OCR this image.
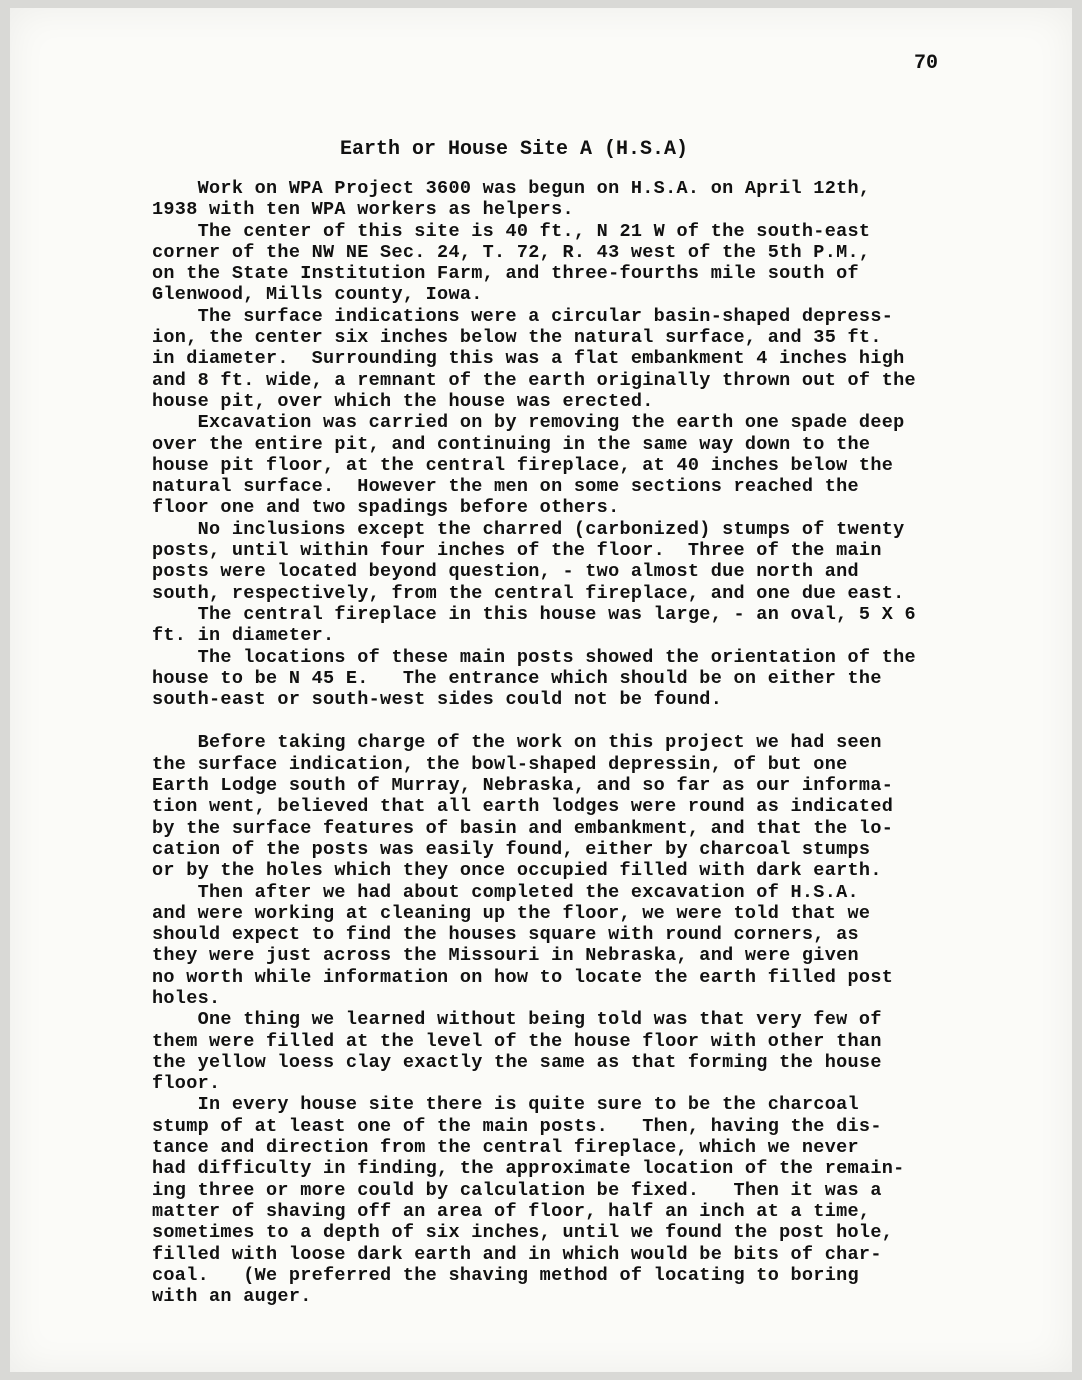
70
Earth or House Site A (H.S.A)

Work on WPA Project 3600 was begun on H.S.A. on April 12th,
1938 with ten WPA workers as helpers.

The center of this site is 40 ft., N 21 W of the south-east
corner of the NW NE Sec. 24, T. 72, R. 43 west of the 5th P.M.,
on the State Institution Farm, and three-fourths mile south of
Glenwood, Mills county, Iowa.

The surface indications were a circular basin-shaped depress-
ion, the center six inches below the natural surface, and 35 ft.
in diameter.  Surrounding this was a flat embankment 4 inches high
and 8 ft. wide, a remnant of the earth originally thrown out of the
house pit, over which the house was erected.

Excavation was carried on by removing the earth one spade deep
over the entire pit, and continuing in the same way down to the
house pit floor, at the central fireplace, at 40 inches below the
natural surface.  However the men on some sections reached the
floor one and two spadings before others.

No inclusions except the charred (carbonized) stumps of twenty
posts, until within four inches of the floor.  Three of the main
posts were located beyond question, - two almost due north and
south, respectively, from the central fireplace, and one due east.

The central fireplace in this house was large, - an oval, 5 X 6
ft. in diameter.

The locations of these main posts showed the orientation of the
house to be N 45 E.   The entrance which should be on either the
south-east or south-west sides could not be found.

Before taking charge of the work on this project we had seen
the surface indication, the bowl-shaped depressin, of but one
Earth Lodge south of Murray, Nebraska, and so far as our informa-
tion went, believed that all earth lodges were round as indicated
by the surface features of basin and embankment, and that the lo-
cation of the posts was easily found, either by charcoal stumps
or by the holes which they once occupied filled with dark earth.

Then after we had about completed the excavation of H.S.A.
and were working at cleaning up the floor, we were told that we
should expect to find the houses square with round corners, as
they were just across the Missouri in Nebraska, and were given
no worth while information on how to locate the earth filled post
holes.

One thing we learned without being told was that very few of
them were filled at the level of the house floor with other than
the yellow loess clay exactly the same as that forming the house
floor.

In every house site there is quite sure to be the charcoal
stump of at least one of the main posts.   Then, having the dis-
tance and direction from the central fireplace, which we never
had difficulty in finding, the approximate location of the remain-
ing three or more could by calculation be fixed.   Then it was a
matter of shaving off an area of floor, half an inch at a time,
sometimes to a depth of six inches, until we found the post hole,
filled with loose dark earth and in which would be bits of char-
coal.   (We preferred the shaving method of locating to boring
with an auger.
